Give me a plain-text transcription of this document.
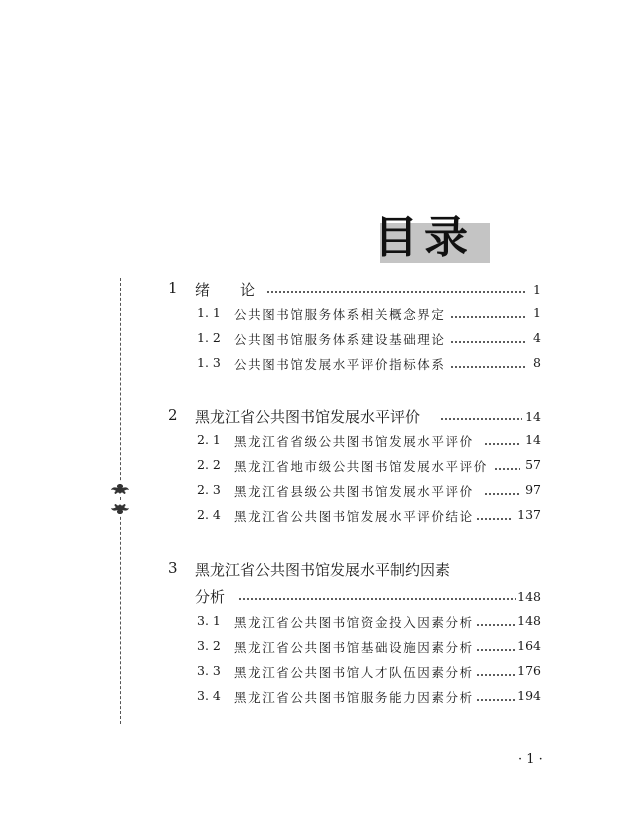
目录
1 绪　　论	1
1. 1 公共图书馆服务体系相关概念界定	1
1. 2 公共图书馆服务体系建设基础理论	4
1. 3 公共图书馆发展水平评价指标体系	8
2 黑龙江省公共图书馆发展水平评价	14
2. 1 黑龙江省省级公共图书馆发展水平评价	14
2. 2 黑龙江省地市级公共图书馆发展水平评价	57
2. 3 黑龙江省县级公共图书馆发展水平评价	97
2. 4 黑龙江省公共图书馆发展水平评价结论	137
3 黑龙江省公共图书馆发展水平制约因素
分析	148
3. 1 黑龙江省公共图书馆资金投入因素分析	148
3. 2 黑龙江省公共图书馆基础设施因素分析	164
3. 3 黑龙江省公共图书馆人才队伍因素分析	176
3. 4 黑龙江省公共图书馆服务能力因素分析	194
· 1 ·
